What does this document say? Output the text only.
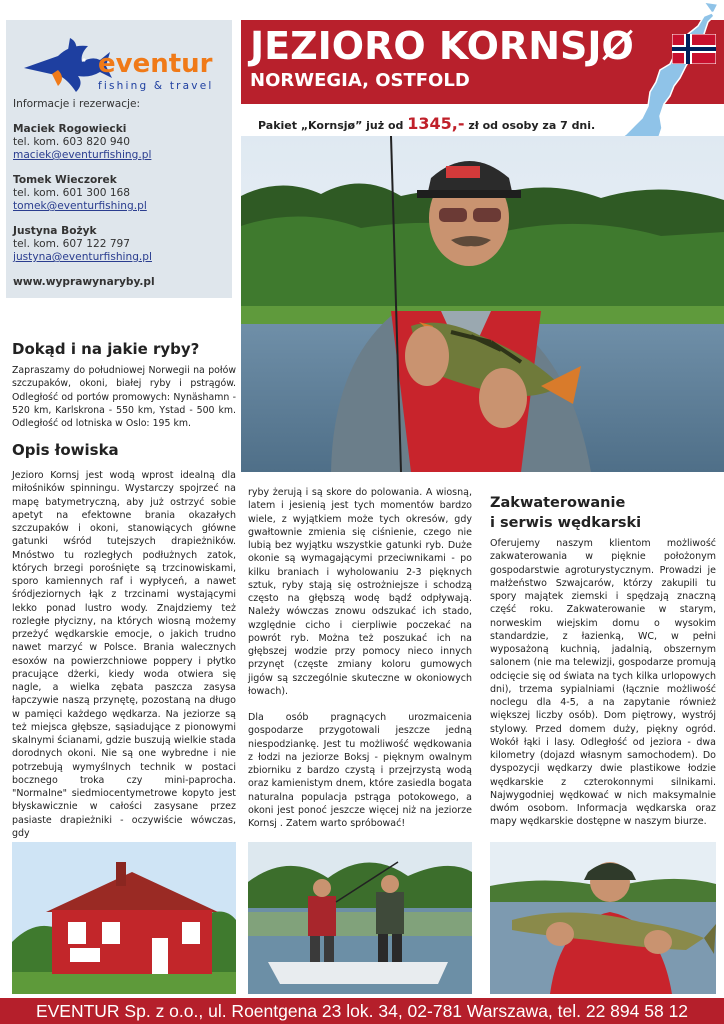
eventur
fishing & travel
Informacje i rezerwacje:
Maciek Rogowiecki
tel. kom. 603 820 940
maciek@eventurfishing.pl
Tomek Wieczorek
tel. kom. 601 300 168
tomek@eventurfishing.pl
Justyna Bożyk
tel. kom. 607 122 797
justyna@eventurfishing.pl
www.wyprawynaryby.pl
JEZIORO KORNSJØ
NORWEGIA, OSTFOLD
Pakiet „Kornsjø” już od 1345,- zł od osoby za 7 dni.
Dokąd i na jakie ryby?
Zapraszamy do południowej Norwegii na połów szczupaków, okoni, białej ryby i pstrągów. Odległość od portów promowych: Nynäshamn - 520 km, Karlskrona - 550 km, Ystad - 500 km. Odległość od lotniska w Oslo: 195 km.
Opis łowiska

Jezioro Kornsj jest wodą wprost idealną dla miłośników spinningu. Wystarczy spojrzeć na mapę batymetryczną, aby już ostrzyć sobie apetyt na efektowne brania okazałych szczupaków i okoni, stanowiących główne gatunki wśród tutejszych drapieżników. Mnóstwo tu rozległych podłużnych zatok, których brzegi porośnięte są trzcinowiskami, sporo kamiennych raf i wypłyceń, a nawet śródjeziornych łąk z trzcinami wystającymi lekko ponad lustro wody. Znajdziemy też rozległe płycizny, na których wiosną możemy przeżyć wędkarskie emocje, o jakich trudno nawet marzyć w Polsce. Brania walecznych esoxów na powierzchniowe poppery i płytko pracujące dżerki, kiedy woda otwiera się nagle, a wielka zębata paszcza zasysa łapczywie naszą przynętę, pozostaną na długo w pamięci każdego wędkarza. Na jeziorze są też miejsca głębsze, sąsiadujące z pionowymi skalnymi ścianami, gdzie buszują wielkie stada dorodnych okoni. Nie są one wybredne i nie potrzebują wymyślnych technik w postaci bocznego troka czy mini-paprocha. "Normalne" siedmiocentymetrowe kopyto jest błyskawicznie w całości zasysane przez pasiaste drapieżniki - oczywiście wówczas, gdy

ryby żerują i są skore do polowania. A wiosną, latem i jesienią jest tych momentów bardzo wiele, z wyjątkiem może tych okresów, gdy gwałtownie zmienia się ciśnienie, czego nie lubią bez wyjątku wszystkie gatunki ryb. Duże okonie są wymagającymi przeciwnikami - po kilku braniach i wyholowaniu 2-3 pięknych sztuk, ryby stają się ostrożniejsze i schodzą często na głębszą wodę bądź odpływają. Należy wówczas znowu odszukać ich stado, względnie cicho i cierpliwie poczekać na powrót ryb. Można też poszukać ich na głębszej wodzie przy pomocy nieco innych przynęt (częste zmiany koloru gumowych jigów są szczególnie skuteczne w okoniowych łowach).

Dla osób pragnących urozmaicenia gospodarze przygotowali jeszcze jedną niespodziankę. Jest tu możliwość wędkowania z łodzi na jeziorze Boksj - pięknym owalnym zbiorniku z bardzo czystą i przejrzystą wodą oraz kamienistym dnem, które zasiedla bogata naturalna populacja pstrąga potokowego, a okoni jest ponoć jeszcze więcej niż na jeziorze Kornsj . Zatem warto spróbować!

Zakwaterowanie
i serwis wędkarski

Oferujemy naszym klientom możliwość zakwaterowania w pięknie położonym gospodarstwie agroturystycznym. Prowadzi je małżeństwo Szwajcarów, którzy zakupili tu spory majątek ziemski i spędzają znaczną część roku. Zakwaterowanie w starym, norweskim wiejskim domu o wysokim standardzie, z łazienką, WC, w pełni wyposażoną kuchnią, jadalnią, obszernym salonem (nie ma telewizji, gospodarze promują odcięcie się od świata na tych kilka urlopowych dni), trzema sypialniami (łącznie możliwość noclegu dla 4-5, a na zapytanie również większej liczby osób). Dom piętrowy, wystrój stylowy. Przed domem duży, piękny ogród. Wokół łąki i lasy. Odległość od jeziora - dwa kilometry (dojazd własnym samochodem). Do dyspozycji wędkarzy dwie plastikowe łodzie wędkarskie z czterokonnymi silnikami. Najwygodniej wędkować w nich maksymalnie dwóm osobom. Informacja wędkarska oraz mapy wędkarskie dostępne w naszym biurze.

EVENTUR Sp. z o.o., ul. Roentgena 23 lok. 34, 02-781 Warszawa, tel. 22 894 58 12
